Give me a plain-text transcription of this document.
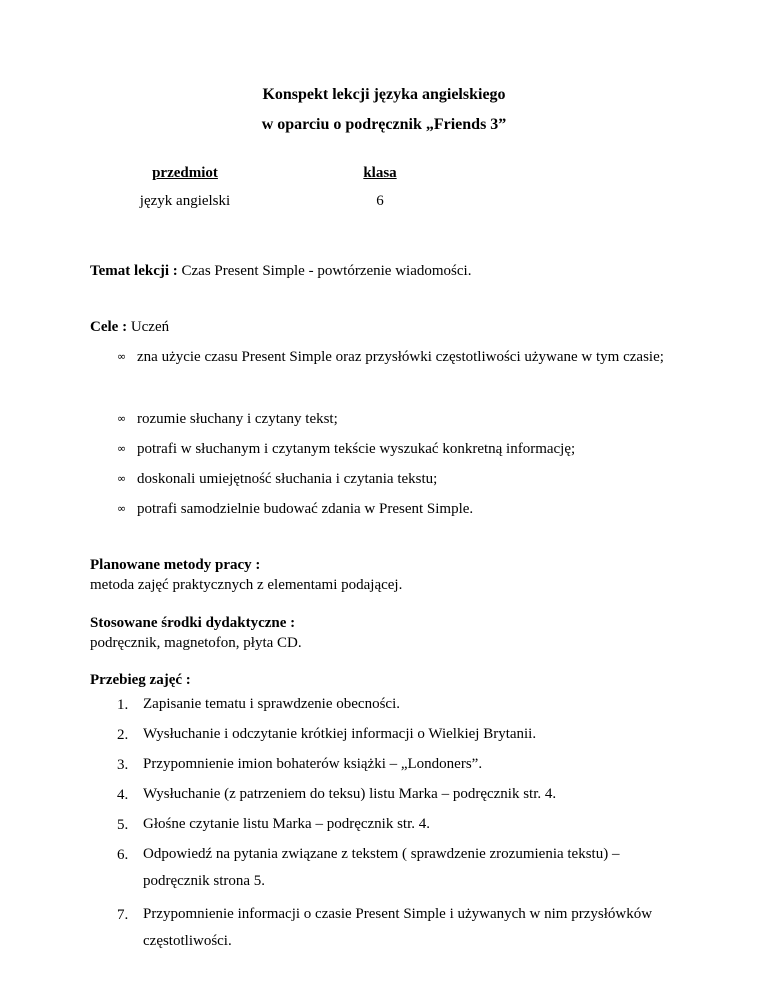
Konspekt lekcji języka angielskiego
w oparciu o podręcznik „Friends 3”
przedmiot	klasa
język angielski	6
Temat lekcji : Czas Present Simple - powtórzenie wiadomości.
Cele : Uczeń
∞ zna użycie czasu Present Simple oraz przysłówki częstotliwości używane w tym czasie;
∞ rozumie słuchany i czytany tekst;
∞ potrafi w słuchanym i czytanym tekście wyszukać konkretną informację;
∞ doskonali umiejętność słuchania i czytania tekstu;
∞ potrafi samodzielnie budować zdania w Present Simple.
Planowane metody pracy :
metoda zajęć praktycznych z elementami podającej.
Stosowane środki dydaktyczne :
podręcznik, magnetofon, płyta CD.
Przebieg zajęć :
1. Zapisanie tematu i sprawdzenie obecności.
2. Wysłuchanie i odczytanie krótkiej informacji o Wielkiej Brytanii.
3. Przypomnienie imion bohaterów książki – „Londoners”.
4. Wysłuchanie (z patrzeniem do teksu) listu Marka – podręcznik str. 4.
5. Głośne czytanie listu Marka – podręcznik str. 4.
6. Odpowiedź na pytania związane z tekstem ( sprawdzenie zrozumienia tekstu) – podręcznik strona 5.
7. Przypomnienie informacji o czasie Present Simple i używanych w nim przysłówków częstotliwości.
